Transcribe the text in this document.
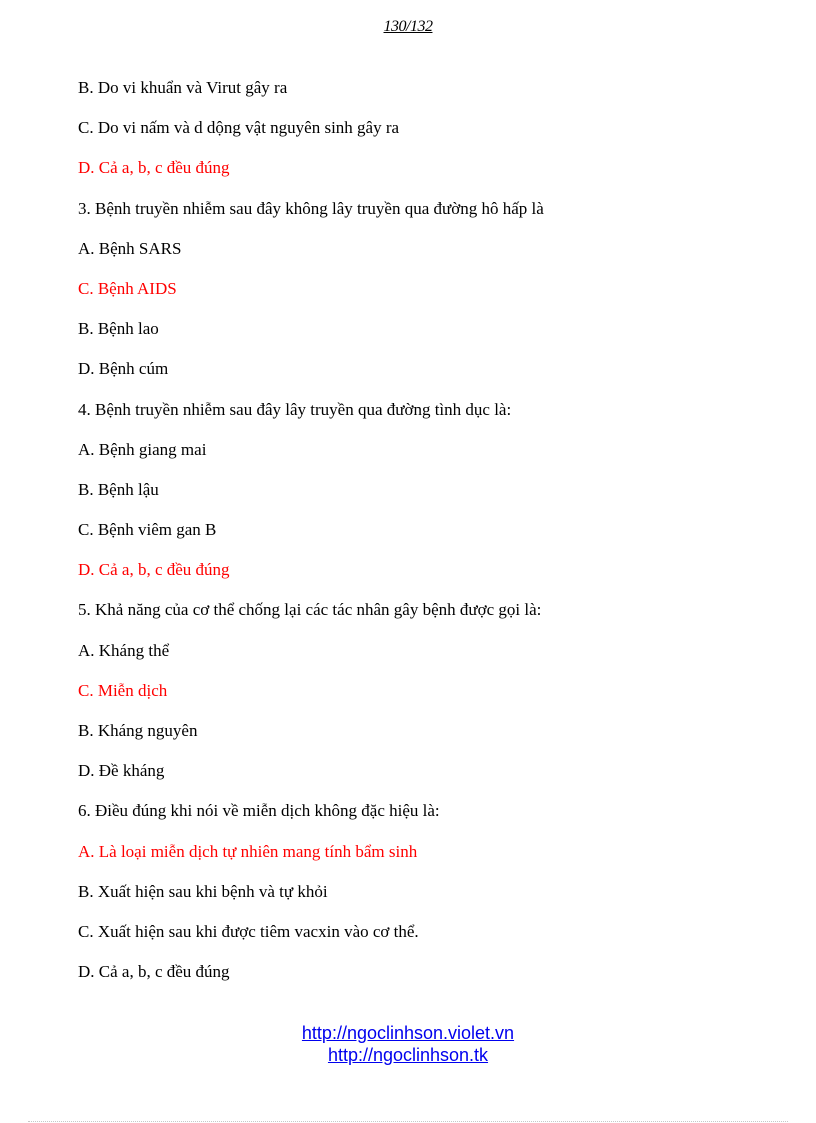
130/132
B. Do vi khuẩn và Virut gây ra
C. Do vi nấm và d dộng vật nguyên sinh gây ra
D. Cả a, b, c đều đúng
3. Bệnh truyền nhiễm sau đây không lây truyền qua đường hô hấp là
A. Bệnh SARS
C. Bệnh AIDS
B. Bệnh lao
D. Bệnh cúm
4. Bệnh truyền nhiễm sau đây lây truyền qua đường tình dục là:
A. Bệnh giang mai
B. Bệnh lậu
C. Bệnh viêm gan B
D. Cả a, b, c đều đúng
5. Khả năng của cơ thể chống lại các tác nhân gây bệnh được gọi là:
A. Kháng thể
C. Miễn dịch
B. Kháng nguyên
D. Đề kháng
6. Điều đúng khi nói về miễn dịch không đặc hiệu là:
A. Là loại miễn dịch tự nhiên mang tính bẩm sinh
B. Xuất hiện sau khi bệnh và tự khỏi
C. Xuất hiện sau khi được tiêm vacxin vào cơ thể.
D. Cả a, b, c đều đúng
http://ngoclinhson.violet.vn
http://ngoclinhson.tk
